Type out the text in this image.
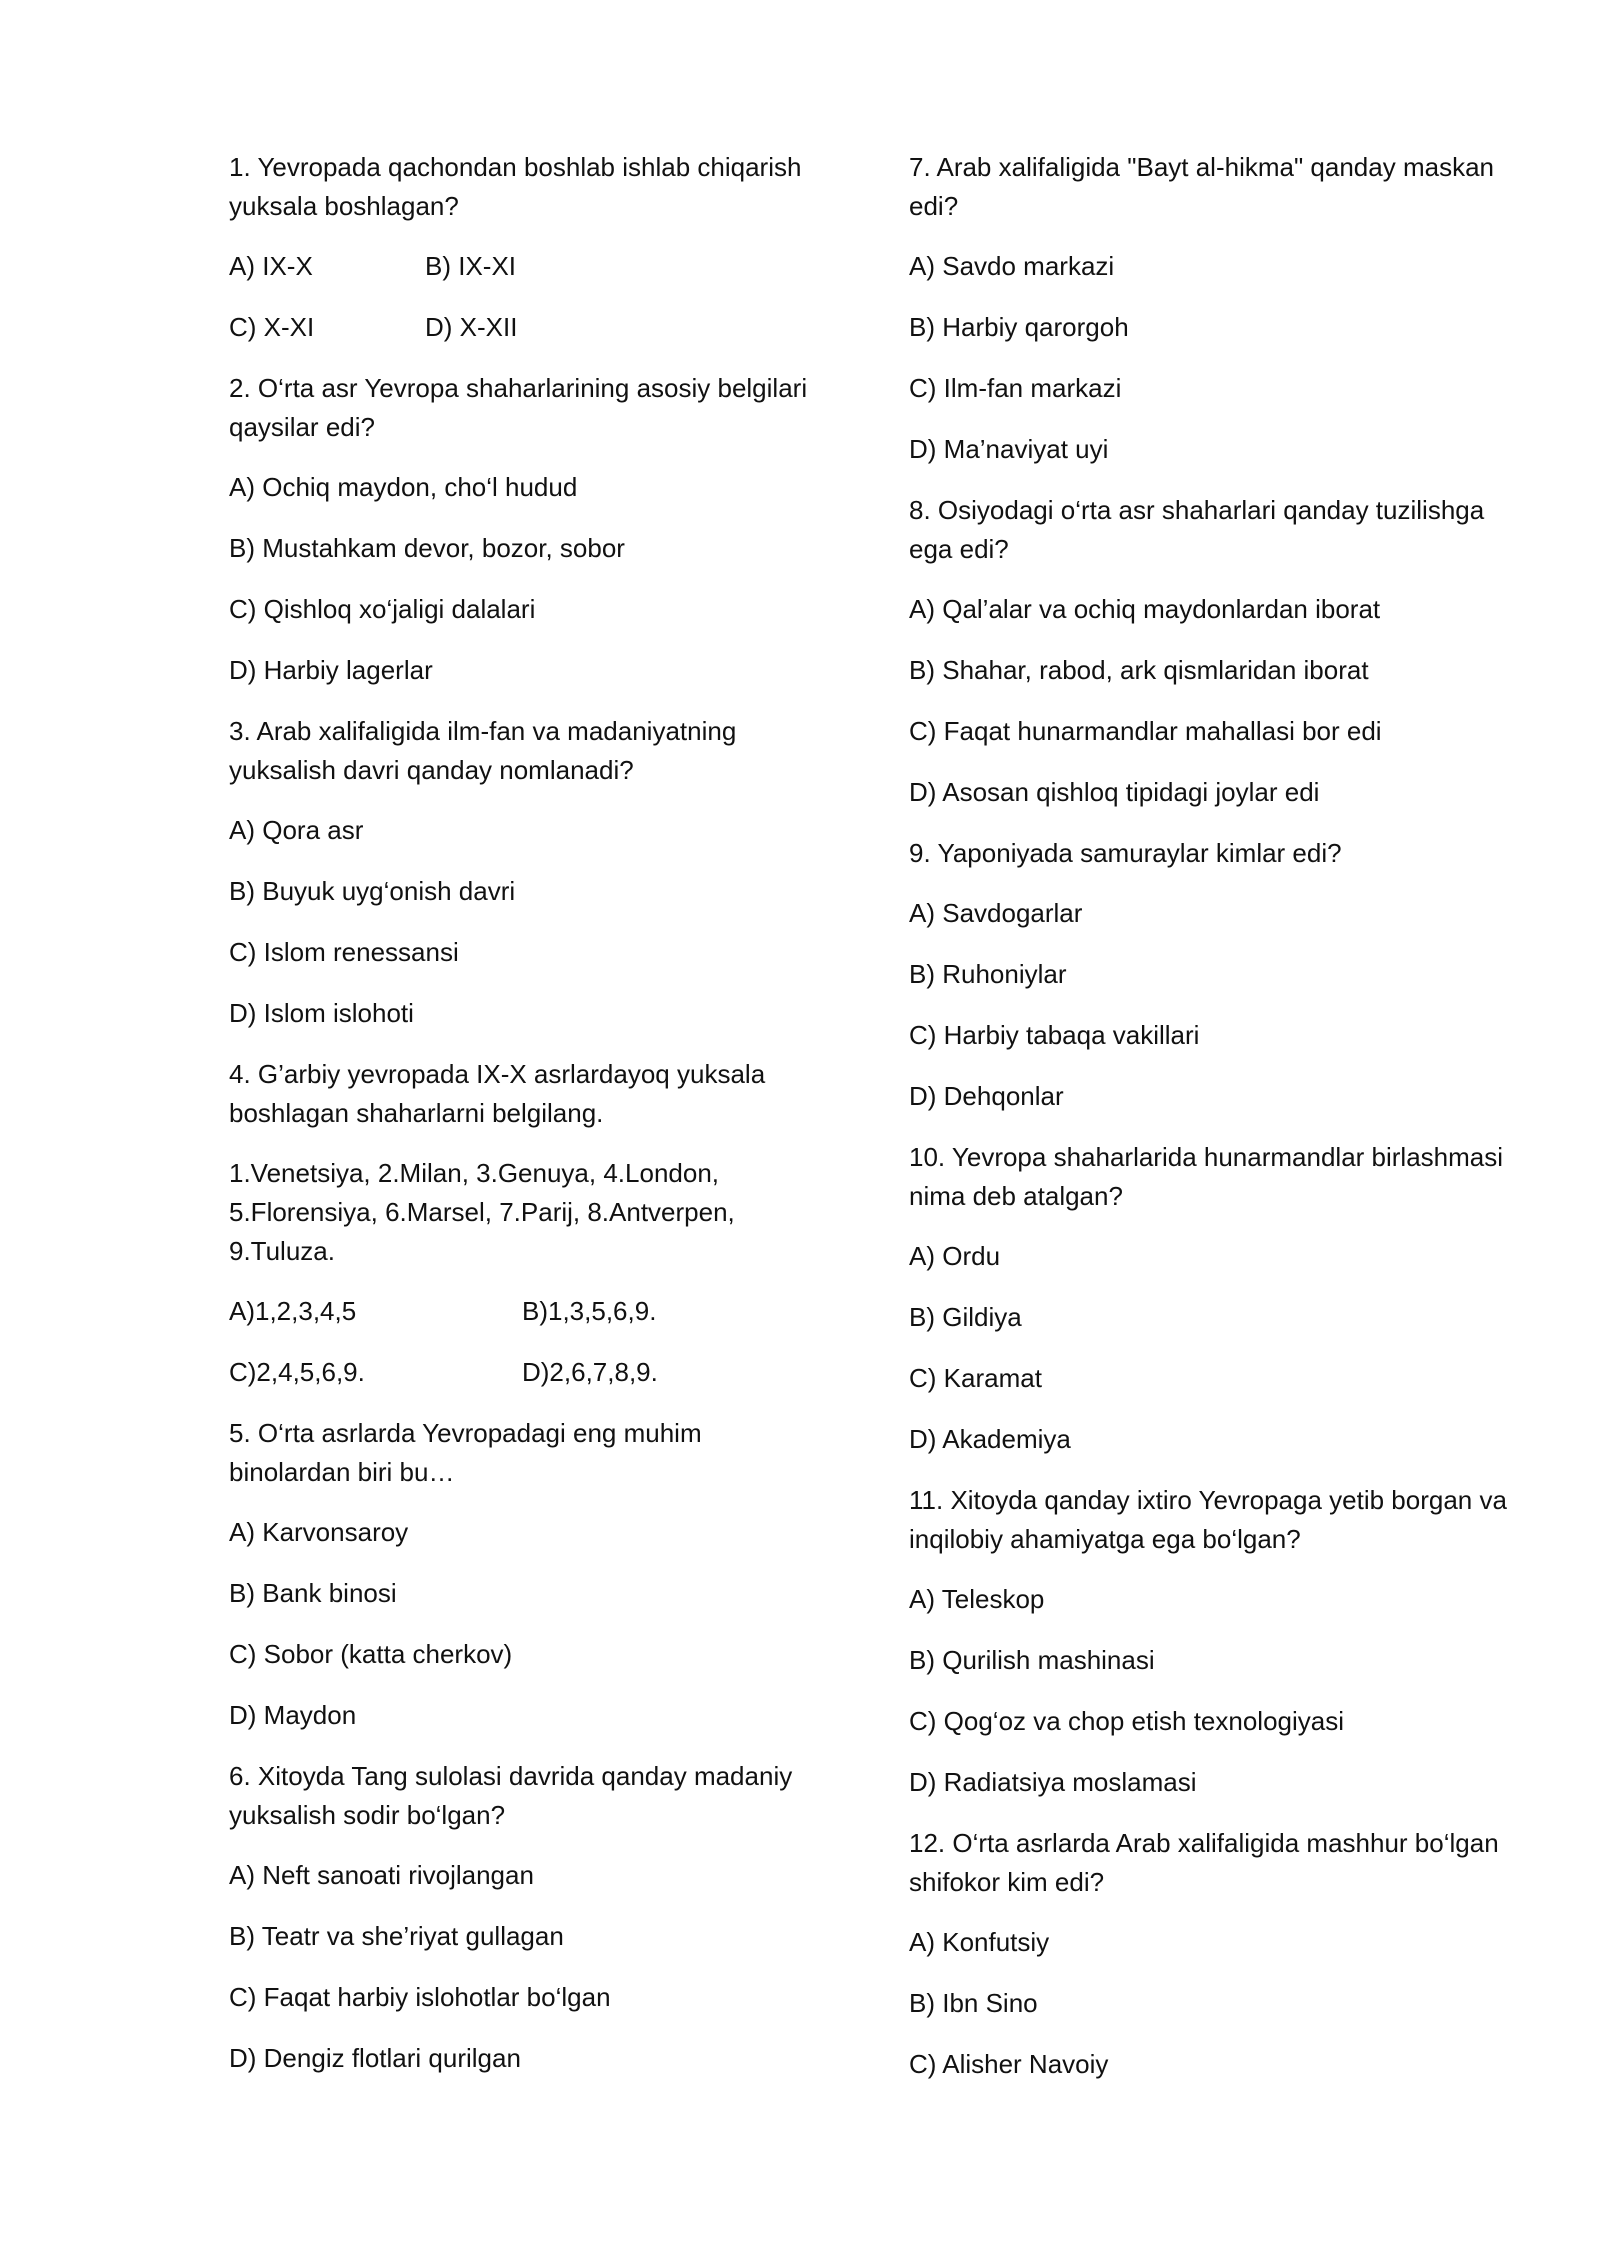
1. Yevropada qachondan boshlab ishlab chiqarish yuksala boshlagan?
A) IX-X	B) IX-XI
C) X-XI	D) X-XII
2. O‘rta asr Yevropa shaharlarining asosiy belgilari qaysilar edi?
A) Ochiq maydon, cho‘l hudud
B) Mustahkam devor, bozor, sobor
C) Qishloq xo‘jaligi dalalari
D) Harbiy lagerlar
3. Arab xalifaligida ilm-fan va madaniyatning yuksalish davri qanday nomlanadi?
A) Qora asr
B) Buyuk uyg‘onish davri
C) Islom renessansi
D) Islom islohoti
4. G’arbiy yevropada IX-X asrlardayoq yuksala boshlagan shaharlarni belgilang.
1.Venetsiya, 2.Milan, 3.Genuya, 4.London, 5.Florensiya, 6.Marsel, 7.Parij, 8.Antverpen, 9.Tuluza.
A)1,2,3,4,5	B)1,3,5,6,9.
C)2,4,5,6,9.	D)2,6,7,8,9.
5. O‘rta asrlarda Yevropadagi eng muhim binolardan biri bu…
A) Karvonsaroy
B) Bank binosi
C) Sobor (katta cherkov)
D) Maydon
6. Xitoyda Tang sulolasi davrida qanday madaniy yuksalish sodir bo‘lgan?
A) Neft sanoati rivojlangan
B) Teatr va she’riyat gullagan
C) Faqat harbiy islohotlar bo‘lgan
D) Dengiz flotlari qurilgan
7. Arab xalifaligida "Bayt al-hikma" qanday maskan edi?
A) Savdo markazi
B) Harbiy qarorgoh
C) Ilm-fan markazi
D) Ma’naviyat uyi
8. Osiyodagi o‘rta asr shaharlari qanday tuzilishga ega edi?
A) Qal’alar va ochiq maydonlardan iborat
B) Shahar, rabod, ark qismlaridan iborat
C) Faqat hunarmandlar mahallasi bor edi
D) Asosan qishloq tipidagi joylar edi
9. Yaponiyada samuraylar kimlar edi?
A) Savdogarlar
B) Ruhoniylar
C) Harbiy tabaqa vakillari
D) Dehqonlar
10. Yevropa shaharlarida hunarmandlar birlashmasi nima deb atalgan?
A) Ordu
B) Gildiya
C) Karamat
D) Akademiya
11. Xitoyda qanday ixtiro Yevropaga yetib borgan va inqilobiy ahamiyatga ega bo‘lgan?
A) Teleskop
B) Qurilish mashinasi
C) Qog‘oz va chop etish texnologiyasi
D) Radiatsiya moslamasi
12. O‘rta asrlarda Arab xalifaligida mashhur bo‘lgan shifokor kim edi?
A) Konfutsiy
B) Ibn Sino
C) Alisher Navoiy
